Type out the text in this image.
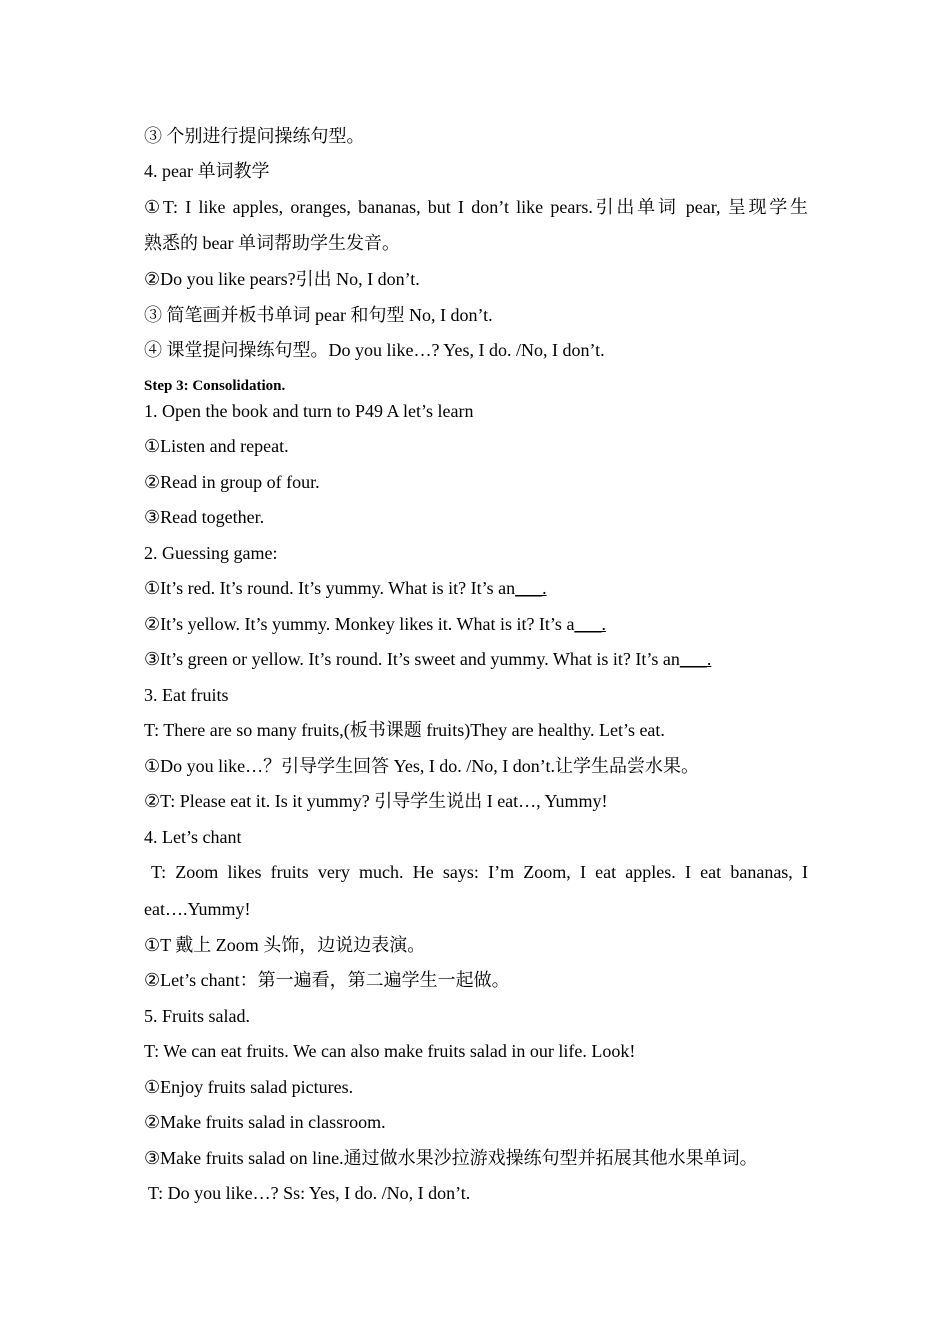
③ 个别进行提问操练句型。
4. pear 单词教学
①T: I like apples, oranges, bananas, but I don’t like pears.引出单词 pear, 呈现学生
熟悉的 bear 单词帮助学生发音。
②Do you like pears?引出 No, I don’t.
③ 简笔画并板书单词 pear 和句型 No, I don’t.
④ 课堂提问操练句型。Do you like…? Yes, I do. /No, I don’t.
Step 3: Consolidation.
1. Open the book and turn to P49 A let’s learn
①Listen and repeat.
②Read in group of four.
③Read together.
2. Guessing game:
①It’s red. It’s round. It’s yummy. What is it? It’s an___.
②It’s yellow. It’s yummy. Monkey likes it. What is it? It’s a___.
③It’s green or yellow. It’s round. It’s sweet and yummy. What is it? It’s an___.
3. Eat fruits
T: There are so many fruits,(板书课题 fruits)They are healthy. Let’s eat.
①Do you like…？引导学生回答 Yes, I do. /No, I don’t.让学生品尝水果。
②T: Please eat it. Is it yummy? 引导学生说出 I eat…, Yummy!
4. Let’s chant
T: Zoom likes fruits very much. He says: I’m Zoom, I eat apples. I eat bananas, I
eat….Yummy!
①T 戴上 Zoom 头饰，边说边表演。
②Let’s chant：第一遍看，第二遍学生一起做。
5. Fruits salad.
T: We can eat fruits. We can also make fruits salad in our life. Look!
①Enjoy fruits salad pictures.
②Make fruits salad in classroom.
③Make fruits salad on line.通过做水果沙拉游戏操练句型并拓展其他水果单词。
T: Do you like…? Ss: Yes, I do. /No, I don’t.
